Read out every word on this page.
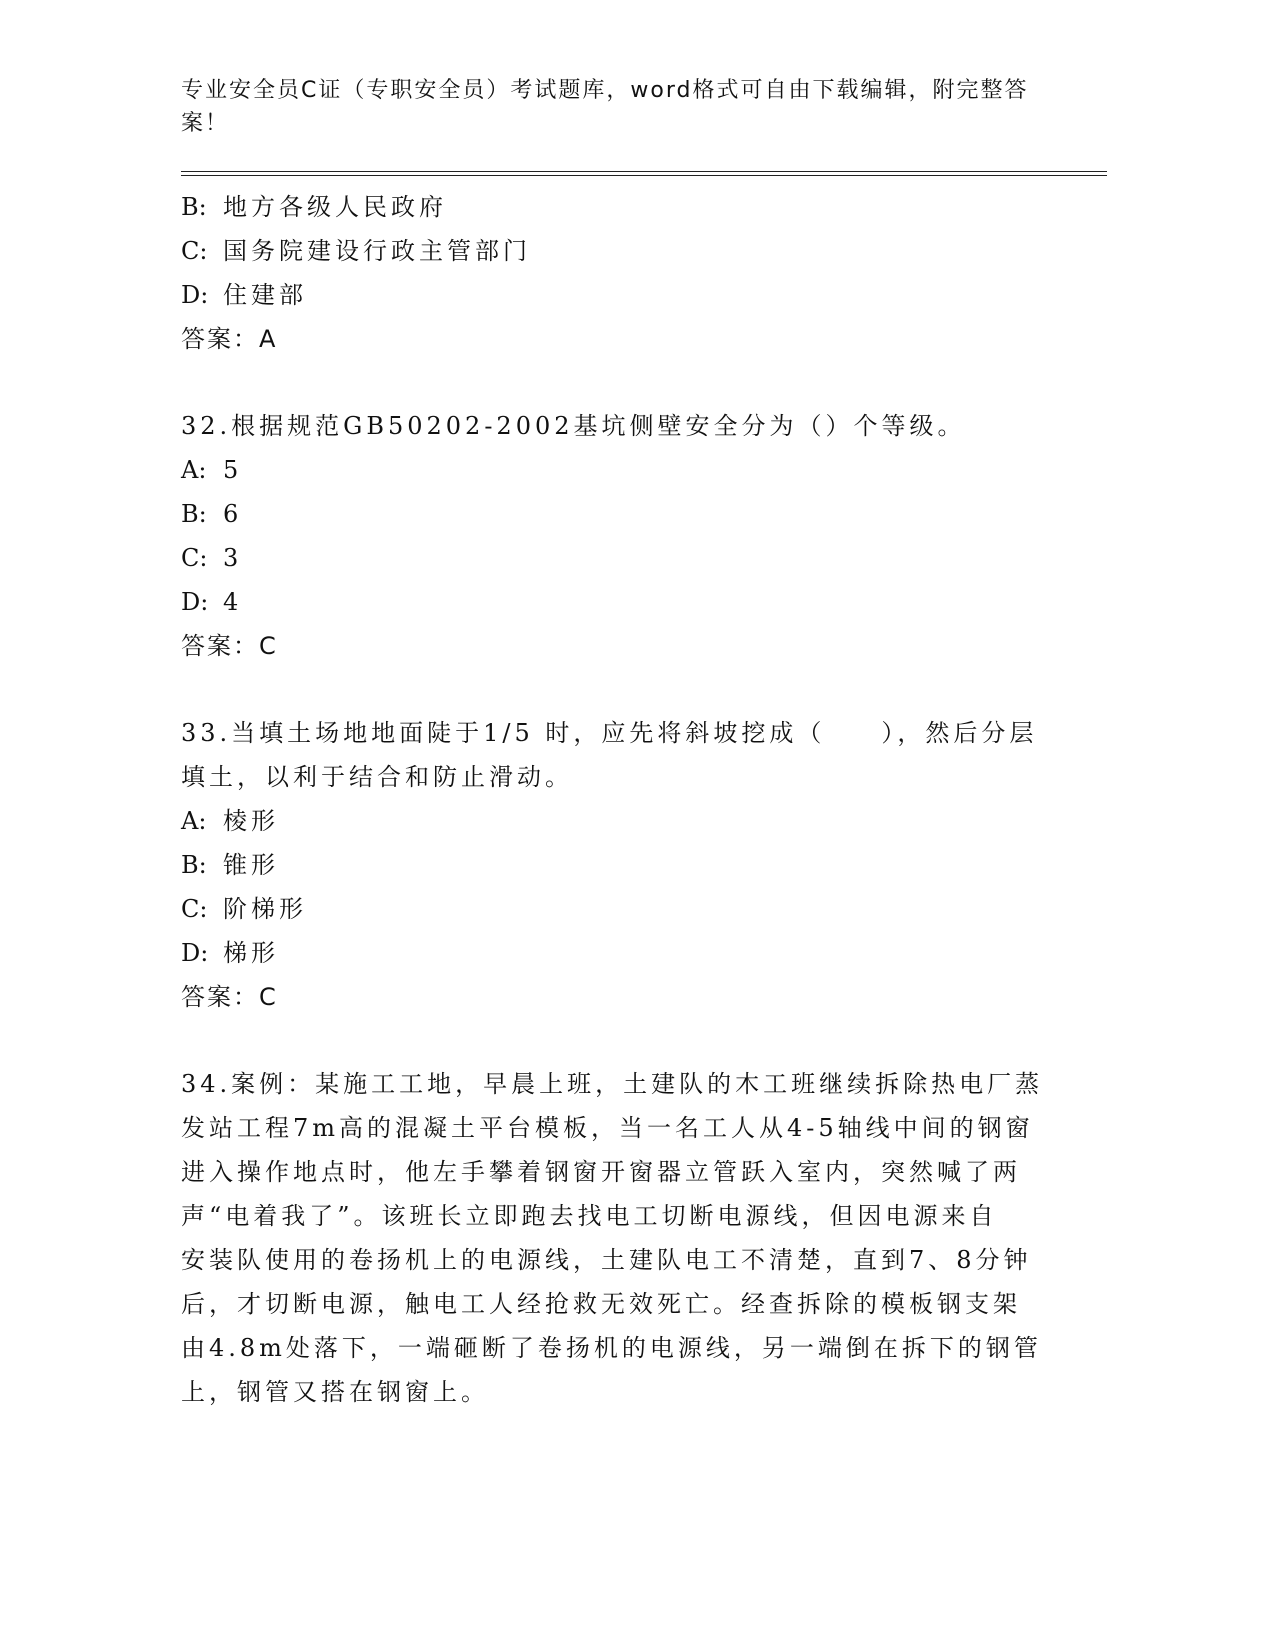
专业安全员C证（专职安全员）考试题库，word格式可自由下载编辑，附完整答
案！
B: 地方各级人民政府
C: 国务院建设行政主管部门
D: 住建部
答案：A
32.根据规范GB50202-2002基坑侧壁安全分为（）个等级。
A: 5
B: 6
C: 3
D: 4
答案：C
33.当填土场地地面陡于1/5 时，应先将斜坡挖成（　　），然后分层
填土，以利于结合和防止滑动。
A: 棱形
B: 锥形
C: 阶梯形
D: 梯形
答案：C
34.案例：某施工工地，早晨上班，土建队的木工班继续拆除热电厂蒸
发站工程7m高的混凝土平台模板，当一名工人从4-5轴线中间的钢窗
进入操作地点时，他左手攀着钢窗开窗器立管跃入室内，突然喊了两
声“电着我了”。该班长立即跑去找电工切断电源线，但因电源来自
安装队使用的卷扬机上的电源线，土建队电工不清楚，直到7、8分钟
后，才切断电源，触电工人经抢救无效死亡。经查拆除的模板钢支架
由4.8m处落下，一端砸断了卷扬机的电源线，另一端倒在拆下的钢管
上，钢管又搭在钢窗上。
